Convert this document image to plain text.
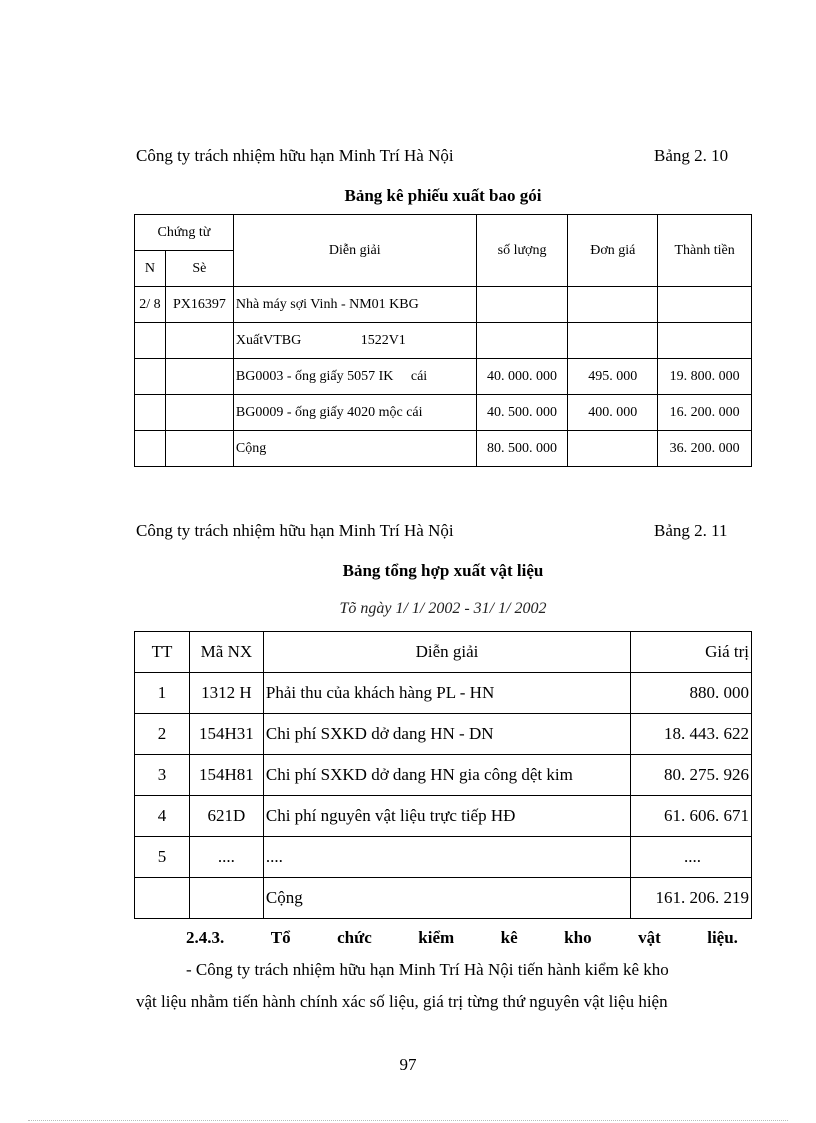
Công ty trách nhiệm hữu hạn Minh Trí Hà Nội	Bảng 2. 10
Bảng kê phiếu xuất bao gói
Chứng từ		Diễn giải	số lượng	Đơn giá	Thành tiền
N	Sè				
2/ 8	PX16397	Nhà máy sợi Vinh - NM01 KBG			
		XuấtVTBG                 1522V1			
		BG0003 - ống giấy 5057 IK     cái	40. 000. 000	495. 000	19. 800. 000
		BG0009 - ống giấy 4020 mộc cái	40. 500. 000	400. 000	16. 200. 000
		Cộng	80. 500. 000		36. 200. 000
Công ty trách nhiệm hữu hạn Minh Trí Hà Nội	Bảng 2. 11
Bảng tổng hợp xuất vật liệu
Tõ ngày 1/ 1/ 2002 - 31/ 1/ 2002
TT	Mã NX	Diễn giải	Giá trị
1	1312 H	Phải thu của khách hàng PL - HN	880. 000
2	154H31	Chi phí SXKD dở dang HN - DN	18. 443. 622
3	154H81	Chi phí SXKD dở dang HN gia công dệt kim	80. 275. 926
4	621D	Chi phí nguyên vật liệu trực tiếp HĐ	61. 606. 671
5	....	....	....
		Cộng	161. 206. 219
2.4.3.	Tổ	chức	kiểm	kê	kho	vật	liệu.
- Công ty trách nhiệm hữu hạn Minh Trí Hà Nội tiến hành kiểm kê kho
vật liệu nhằm tiến hành chính xác số liệu, giá trị từng thứ nguyên vật liệu hiện
97
